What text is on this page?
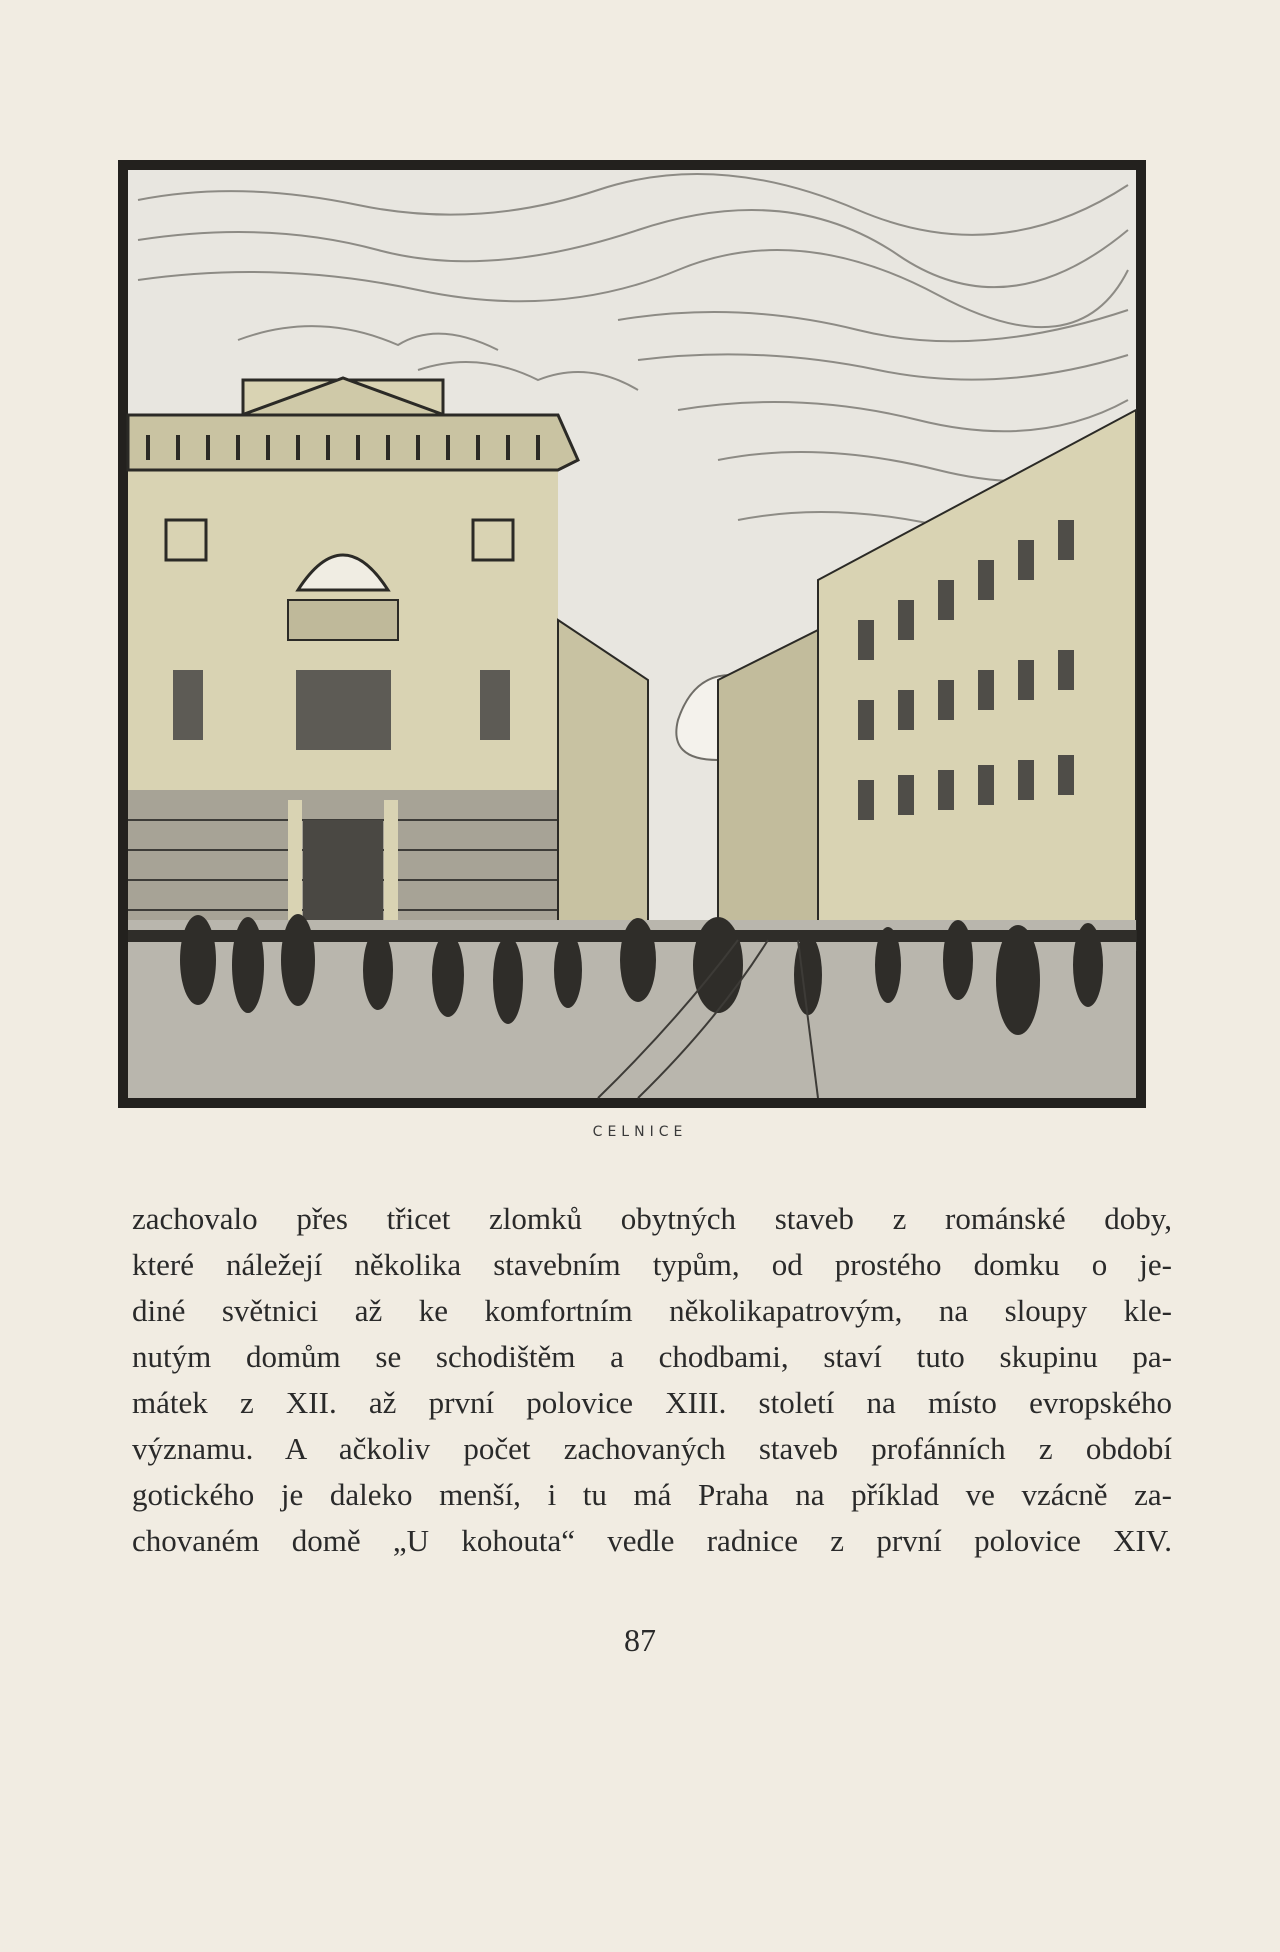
CELNICE
zachovalo přes třicet zlomků obytných staveb z románské doby,
které náležejí několika stavebním typům, od prostého domku o je-
diné světnici až ke komfortním několikapatrovým, na sloupy kle-
nutým domům se schodištěm a chodbami, staví tuto skupinu pa-
mátek z XII. až první polovice XIII. století na místo evropského
významu. A ačkoliv počet zachovaných staveb profánních z období
gotického je daleko menší, i tu má Praha na příklad ve vzácně za-
chovaném domě „U kohouta“ vedle radnice z první polovice XIV.
87
